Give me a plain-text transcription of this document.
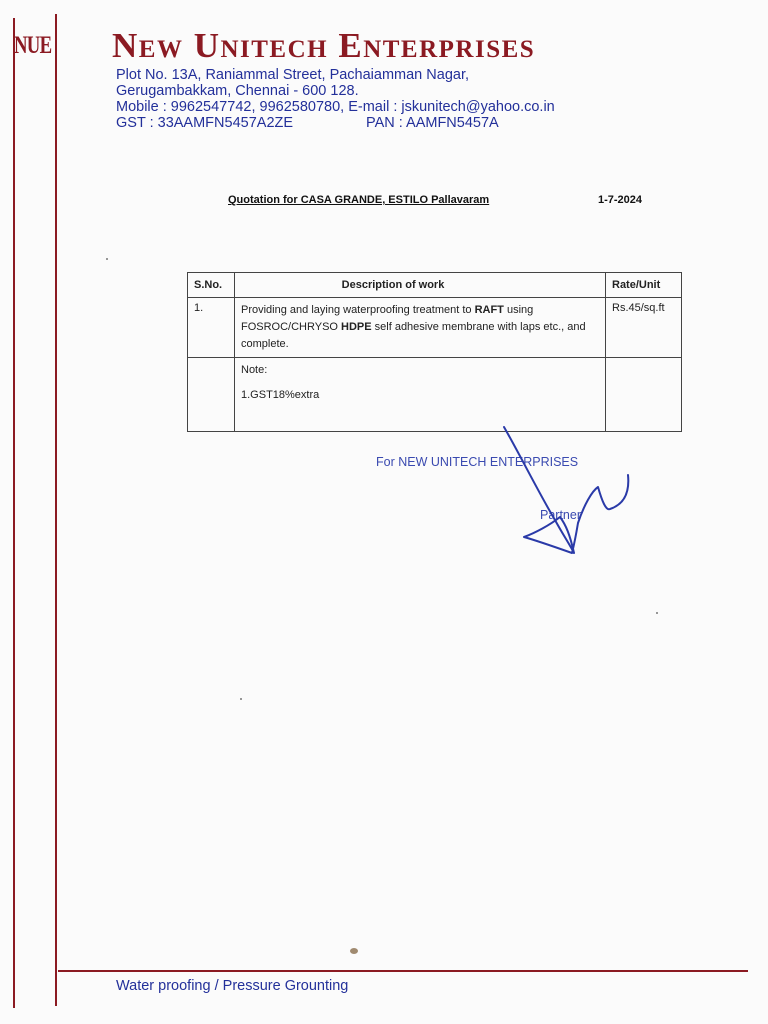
NUE New Unitech Enterprises
Plot No. 13A, Raniammal Street, Pachaiamman Nagar,
Gerugambakkam, Chennai - 600 128.
Mobile : 9962547742, 9962580780, E-mail : jskunitech@yahoo.co.in
GST : 33AAMFN5457A2ZE	PAN : AAMFN5457A
Quotation for CASA GRANDE, ESTILO Pallavaram	1-7-2024
S.No.	Description of work	Rate/Unit
1.	Providing and laying waterproofing treatment to RAFT using FOSROC/CHRYSO HDPE self adhesive membrane with laps etc., and complete.	Rs.45/sq.ft

	Note:
1.GST18%extra	

For NEW UNITECH ENTERPRISES
Partner
Water proofing / Pressure Grounting
